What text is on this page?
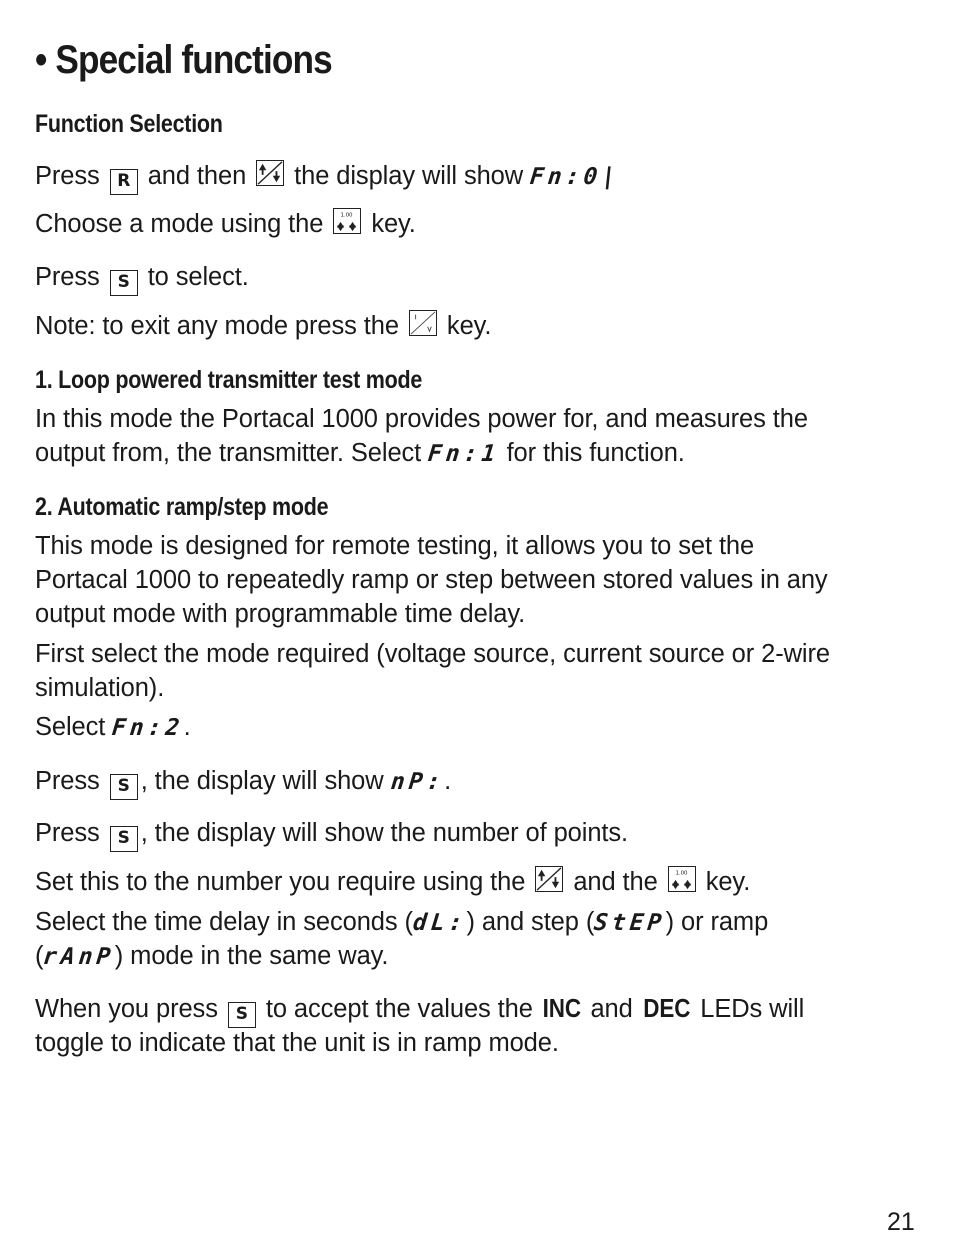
• Special functions
Function Selection

Press R and then the display will show Fn:0|

Choose a mode using the	1.00 key.

Press S to select.

Note: to exit any mode press the key.

1. Loop powered transmitter test mode

In this mode the Portacal 1000 provides power for, and measures the

output from, the transmitter. Select Fn:1 for this function.

2. Automatic ramp/step mode

This mode is designed for remote testing, it allows you to set the

Portacal 1000 to repeatedly ramp or step between stored values in any

output mode with programmable time delay.

First select the mode required (voltage source, current source or 2-wire

simulation).

Select Fn:2.

Press S , the display will show nP:.

Press S , the display will show the number of points.

Set this to the number you require using the and the	1.00 key.

Select the time delay in seconds (dL:) and step (StEP) or ramp

(rAnP) mode in the same way.

When you press S to accept the values the INC and DEC LEDs will

toggle to indicate that the unit is in ramp mode.

21
